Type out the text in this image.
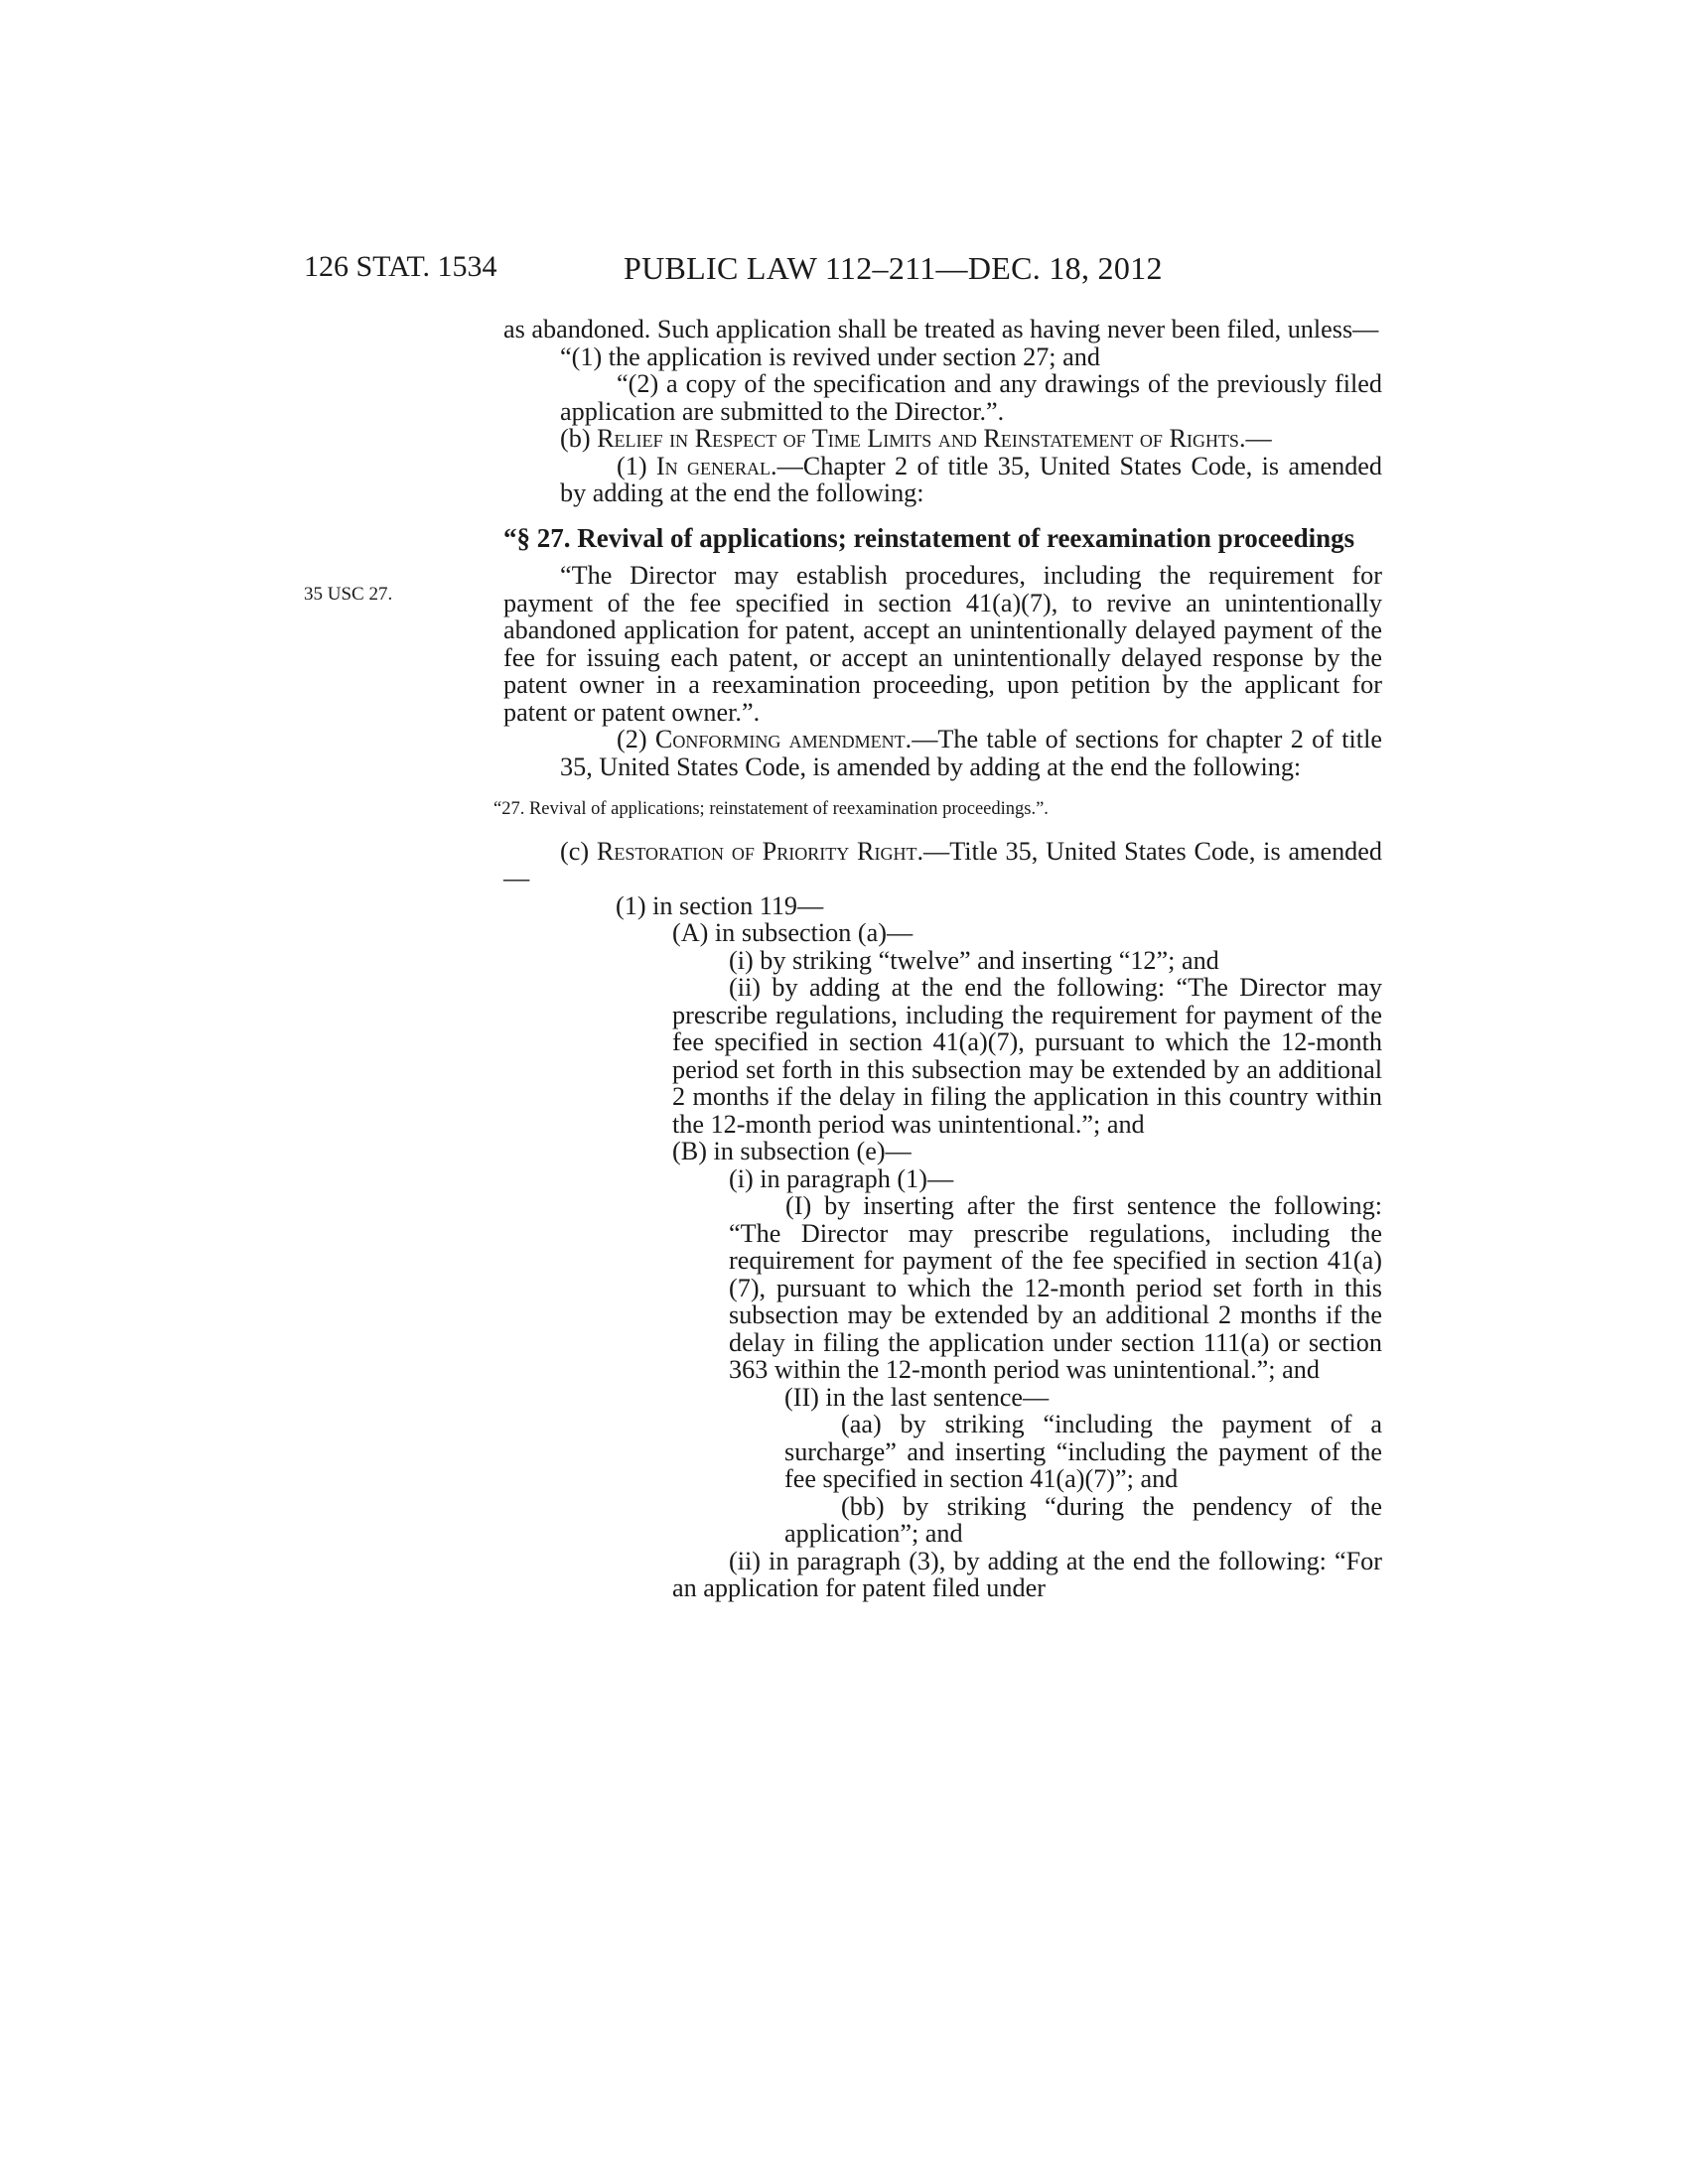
126 STAT. 1534	PUBLIC LAW 112–211—DEC. 18, 2012
35 USC 27.

as abandoned. Such application shall be treated as having never been filed, unless—

“(1) the application is revived under section 27; and

“(2) a copy of the specification and any drawings of the previously filed application are submitted to the Director.”.

(b) Relief in Respect of Time Limits and Reinstatement of Rights.—

(1) In general.—Chapter 2 of title 35, United States Code, is amended by adding at the end the following:

“§ 27. Revival of applications; reinstatement of reexamination proceedings

“The Director may establish procedures, including the requirement for payment of the fee specified in section 41(a)(7), to revive an unintentionally abandoned application for patent, accept an unintentionally delayed payment of the fee for issuing each patent, or accept an unintentionally delayed response by the patent owner in a reexamination proceeding, upon petition by the applicant for patent or patent owner.”.

(2) Conforming amendment.—The table of sections for chapter 2 of title 35, United States Code, is amended by adding at the end the following:

“27. Revival of applications; reinstatement of reexamination proceedings.”.

(c) Restoration of Priority Right.—Title 35, United States Code, is amended—

(1) in section 119—

(A) in subsection (a)—

(i) by striking “twelve” and inserting “12”; and

(ii) by adding at the end the following: “The Director may prescribe regulations, including the requirement for payment of the fee specified in section 41(a)(7), pursuant to which the 12-month period set forth in this subsection may be extended by an additional 2 months if the delay in filing the application in this country within the 12-month period was unintentional.”; and

(B) in subsection (e)—

(i) in paragraph (1)—

(I) by inserting after the first sentence the following: “The Director may prescribe regulations, including the requirement for payment of the fee specified in section 41(a)(7), pursuant to which the 12-month period set forth in this subsection may be extended by an additional 2 months if the delay in filing the application under section 111(a) or section 363 within the 12-month period was unintentional.”; and

(II) in the last sentence—

(aa) by striking “including the payment of a surcharge” and inserting “including the payment of the fee specified in section 41(a)(7)”; and

(bb) by striking “during the pendency of the application”; and

(ii) in paragraph (3), by adding at the end the following: “For an application for patent filed under
